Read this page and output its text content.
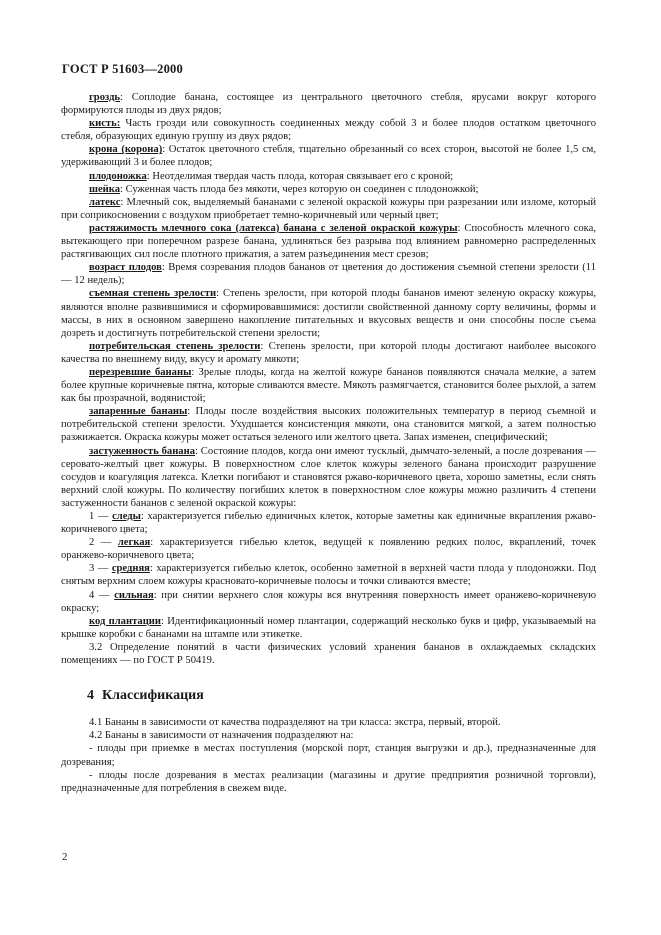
ГОСТ Р 51603—2000

гроздь: Соплодие банана, состоящее из центрального цветочного стебля, ярусами вокруг которого формируются плоды из двух рядов;

кисть: Часть грозди или совокупность соединенных между собой 3 и более плодов остатком цветочного стебля, образующих единую группу из двух рядов;

крона (корона): Остаток цветочного стебля, тщательно обрезанный со всех сторон, высотой не более 1,5 см, удерживающий 3 и более плодов;

плодоножка: Неотделимая твердая часть плода, которая связывает его с кроной;

шейка: Суженная часть плода без мякоти, через которую он соединен с плодоножкой;

латекс: Млечный сок, выделяемый бананами с зеленой окраской кожуры при разрезании или изломе, который при соприкосновении с воздухом приобретает темно-коричневый или черный цвет;

растяжимость млечного сока (латекса) банана с зеленой окраской кожуры: Способность млечного сока, вытекающего при поперечном разрезе банана, удлиняться без разрыва под влиянием равномерно распределенных растягивающих сил после плотного прижатия, а затем разъединения мест срезов;

возраст плодов: Время созревания плодов бананов от цветения до достижения съемной степени зрелости (11 — 12 недель);

съемная степень зрелости: Степень зрелости, при которой плоды бананов имеют зеленую окраску кожуры, являются вполне развившимися и сформировавшимися: достигли свойственной данному сорту величины, формы и массы, в них в основном завершено накопление питательных и вкусовых веществ и они способны после съема дозреть и достигнуть потребительской степени зрелости;

потребительская степень зрелости: Степень зрелости, при которой плоды достигают наиболее высокого качества по внешнему виду, вкусу и аромату мякоти;

перезревшие бананы: Зрелые плоды, когда на желтой кожуре бананов появляются сначала мелкие, а затем более крупные коричневые пятна, которые сливаются вместе. Мякоть размягчается, становится более рыхлой, а затем как бы прозрачной, водянистой;

запаренные бананы: Плоды после воздействия высоких положительных температур в период съемной и потребительской степени зрелости. Ухудшается консистенция мякоти, она становится мягкой, а затем полностью разжижается. Окраска кожуры может остаться зеленого или желтого цвета. Запах изменен, специфический;

застуженность банана: Состояние плодов, когда они имеют тусклый, дымчато-зеленый, а после дозревания — серовато-желтый цвет кожуры. В поверхностном слое клеток кожуры зеленого банана происходит разрушение сосудов и коагуляция латекса. Клетки погибают и становятся ржаво-коричневого цвета, хорошо заметны, если снять верхний слой кожуры. По количеству погибших клеток в поверхностном слое кожуры можно различить 4 степени застуженности бананов с зеленой окраской кожуры:

1 — следы: характеризуется гибелью единичных клеток, которые заметны как единичные вкрапления ржаво-коричневого цвета;

2 — легкая: характеризуется гибелью клеток, ведущей к появлению редких полос, вкраплений, точек оранжево-коричневого цвета;

3 — средняя: характеризуется гибелью клеток, особенно заметной в верхней части плода у плодоножки. Под снятым верхним слоем кожуры красновато-коричневые полосы и точки сливаются вместе;

4 — сильная: при снятии верхнего слоя кожуры вся внутренняя поверхность имеет оранжево-коричневую окраску;

код плантации: Идентификационный номер плантации, содержащий несколько букв и цифр, указываемый на крышке коробки с бананами на штампе или этикетке.

3.2 Определение понятий в части физических условий хранения бананов в охлаждаемых складских помещениях — по ГОСТ Р 50419.

4 Классификация

4.1 Бананы в зависимости от качества подразделяют на три класса: экстра, первый, второй.

4.2 Бананы в зависимости от назначения подразделяют на:

- плоды при приемке в местах поступления (морской порт, станция выгрузки и др.), предназначенные для дозревания;

- плоды после дозревания в местах реализации (магазины и другие предприятия розничной торговли), предназначенные для потребления в свежем виде.

2
